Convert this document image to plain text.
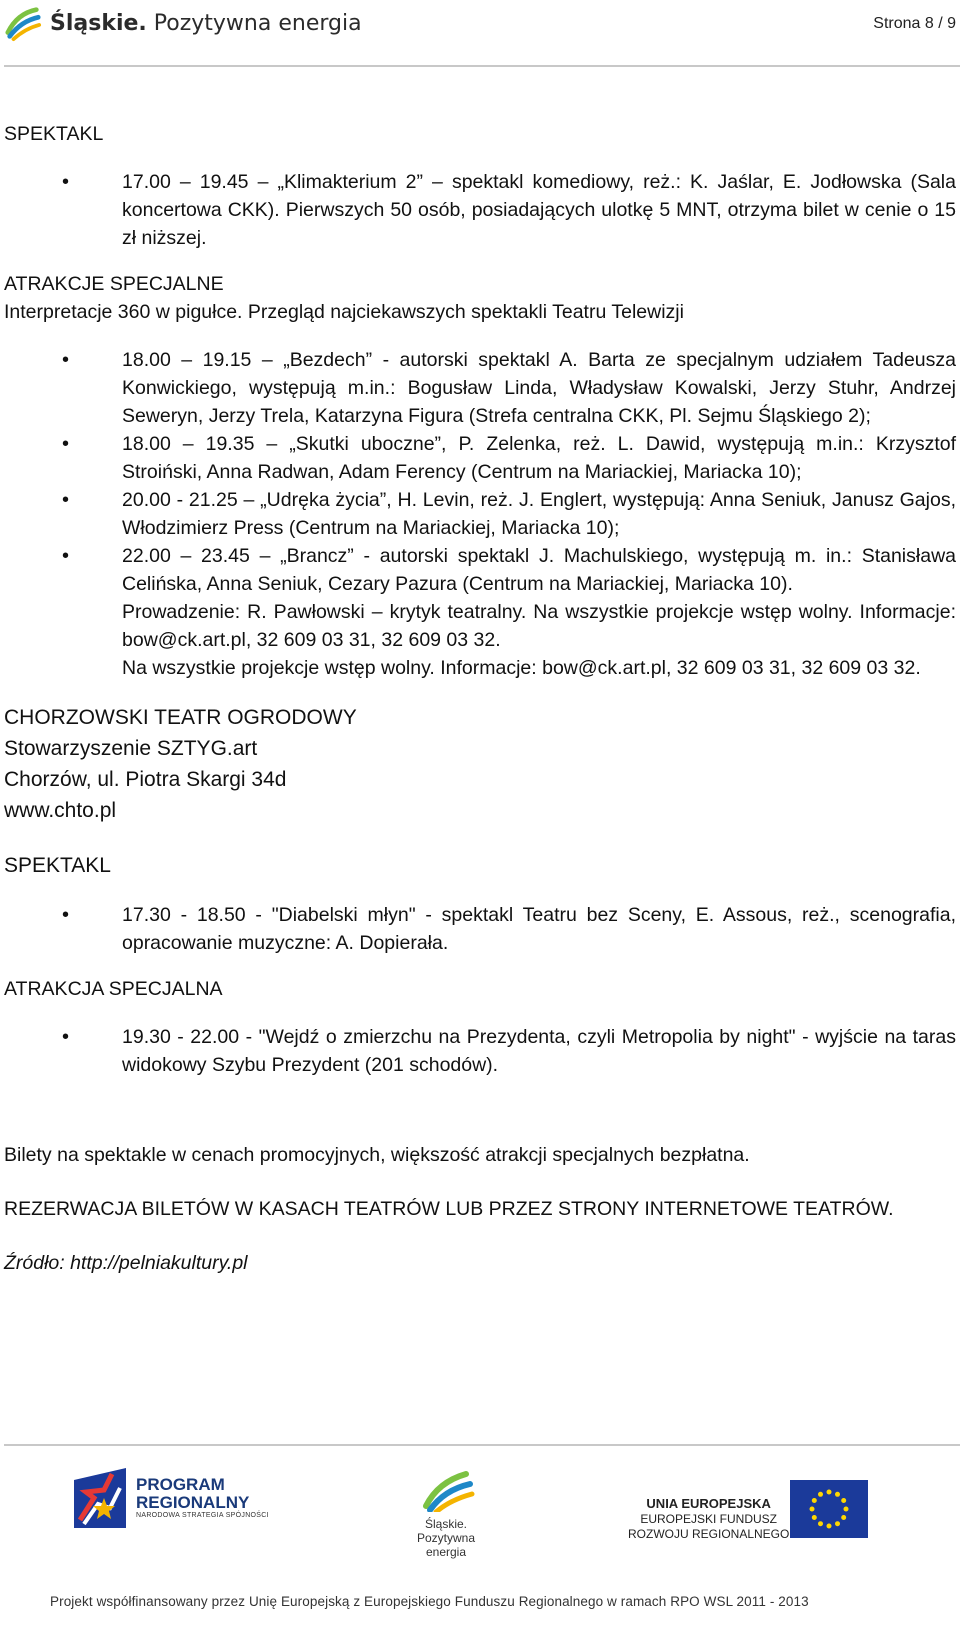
Śląskie. Pozytywna energia	Strona 8 / 9

SPEKTAKL

• 17.00 – 19.45 – „Klimakterium 2” – spektakl komediowy, reż.: K. Jaślar, E. Jodłowska (Sala koncertowa CKK). Pierwszych 50 osób, posiadających ulotkę 5 MNT, otrzyma bilet w cenie o 15 zł niższej.

ATRAKCJE SPECJALNE

Interpretacje 360 w pigułce. Przegląd najciekawszych spektakli Teatru Telewizji

• 18.00 – 19.15 – „Bezdech” - autorski spektakl A. Barta ze specjalnym udziałem Tadeusza Konwickiego, występują m.in.: Bogusław Linda, Władysław Kowalski, Jerzy Stuhr, Andrzej Seweryn, Jerzy Trela, Katarzyna Figura (Strefa centralna CKK, Pl. Sejmu Śląskiego 2);
• 18.00 – 19.35 – „Skutki uboczne”, P. Zelenka, reż. L. Dawid, występują m.in.: Krzysztof Stroiński, Anna Radwan, Adam Ferency (Centrum na Mariackiej, Mariacka 10);
• 20.00 - 21.25 – „Udręka życia”, H. Levin, reż. J. Englert, występują: Anna Seniuk, Janusz Gajos, Włodzimierz Press (Centrum na Mariackiej, Mariacka 10);
• 22.00 – 23.45 – „Brancz” - autorski spektakl J. Machulskiego, występują m. in.: Stanisława Celińska, Anna Seniuk, Cezary Pazura (Centrum na Mariackiej, Mariacka 10).

Prowadzenie: R. Pawłowski – krytyk teatralny. Na wszystkie projekcje wstęp wolny. Informacje: bow@ck.art.pl, 32 609 03 31, 32 609 03 32.

Na wszystkie projekcje wstęp wolny. Informacje: bow@ck.art.pl, 32 609 03 31, 32 609 03 32.

CHORZOWSKI TEATR OGRODOWY

Stowarzyszenie SZTYG.art

Chorzów, ul. Piotra Skargi 34d

www.chto.pl

SPEKTAKL

• 17.30 - 18.50 - "Diabelski młyn" - spektakl Teatru bez Sceny, E. Assous, reż., scenografia, opracowanie muzyczne: A. Dopierała.

ATRAKCJA SPECJALNA

• 19.30 - 22.00 - "Wejdź o zmierzchu na Prezydenta, czyli Metropolia by night" - wyjście na taras widokowy Szybu Prezydent (201 schodów).

Bilety na spektakle w cenach promocyjnych, większość atrakcji specjalnych bezpłatna.

REZERWACJA BILETÓW W KASACH TEATRÓW LUB PRZEZ STRONY INTERNETOWE TEATRÓW.

Źródło: http://pelniakultury.pl

PROGRAM
REGIONALNY
NARODOWA STRATEGIA SPÓJNOŚCI
Śląskie.
Pozytywna energia
UNIA EUROPEJSKA
EUROPEJSKI FUNDUSZ
ROZWOJU REGIONALNEGO
Projekt współfinansowany przez Unię Europejską z Europejskiego Funduszu Regionalnego w ramach RPO WSL 2011 - 2013
